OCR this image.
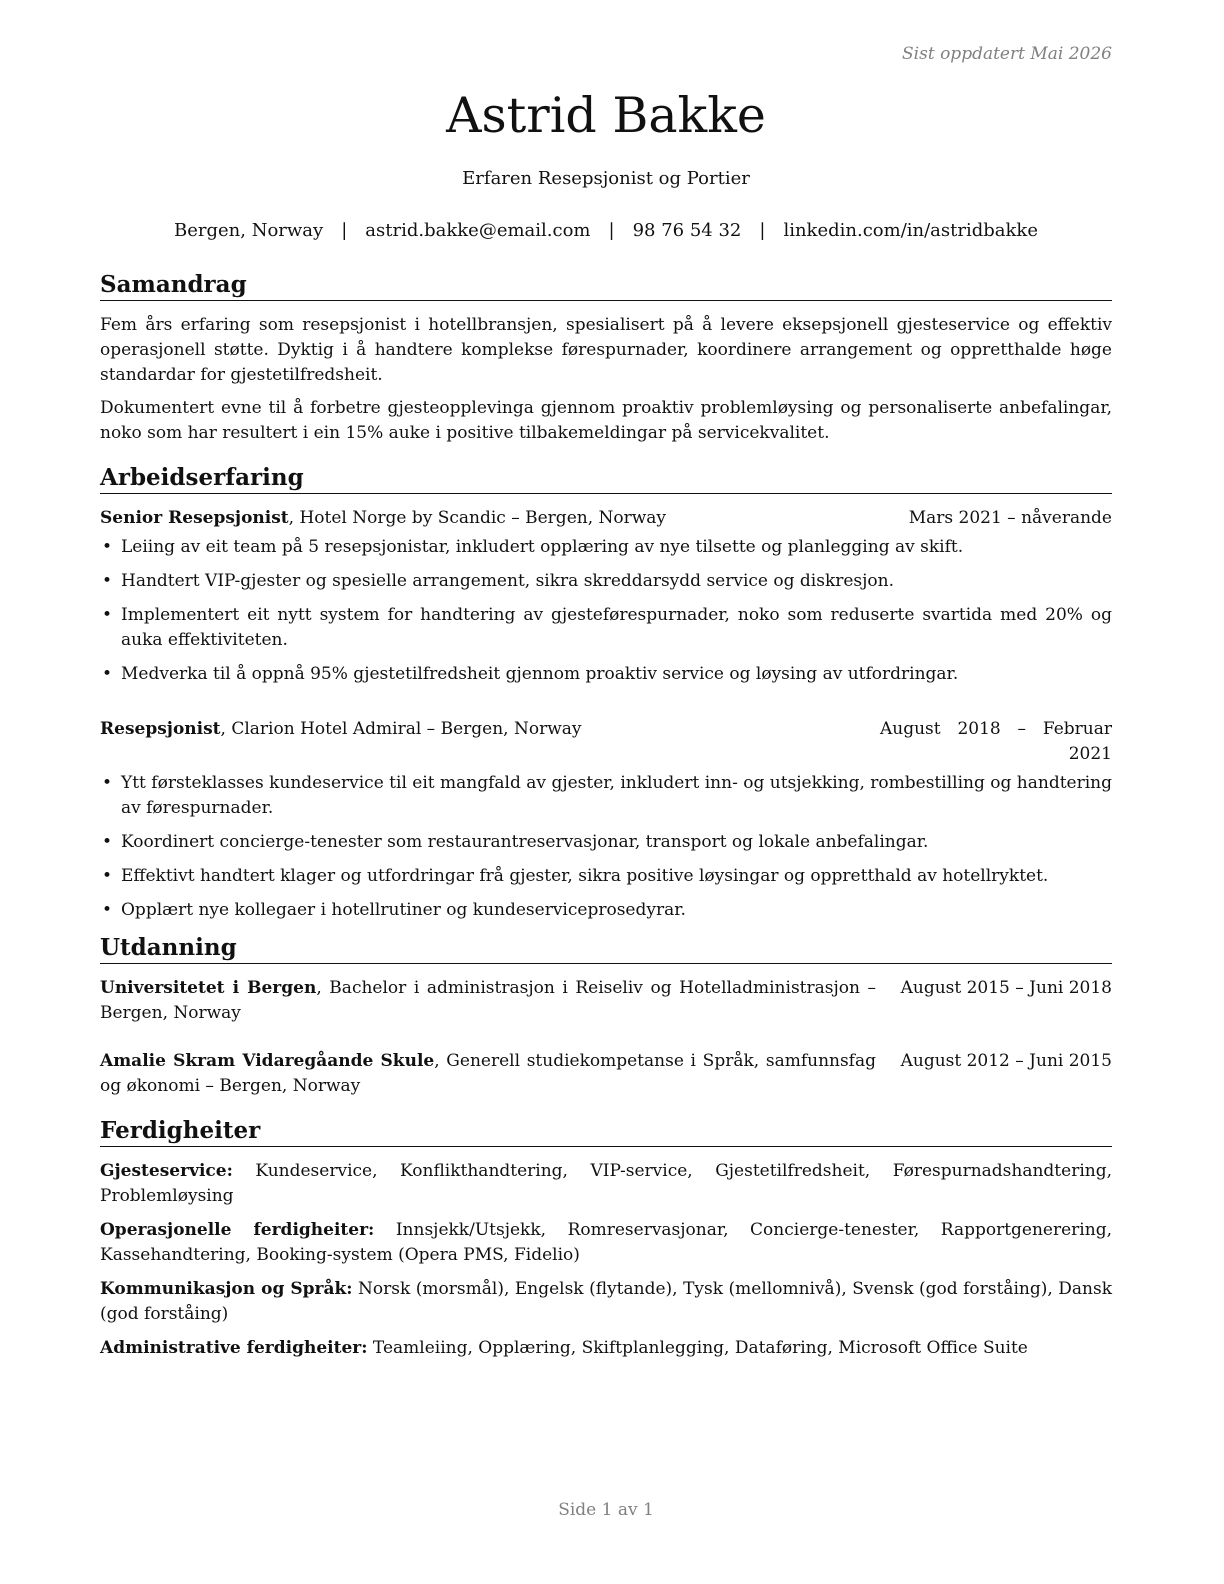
Sist oppdatert Mai 2026
Astrid Bakke
Erfaren Resepsjonist og Portier
Bergen, Norway | astrid.bakke@email.com | 98 76 54 32 | linkedin.com/in/astridbakke
Samandrag

Fem års erfaring som resepsjonist i hotellbransjen, spesialisert på å levere eksepsjonell gjesteservice og effektiv operasjonell støtte. Dyktig i å handtere komplekse førespurnader, koordinere arrangement og oppretthalde høge standardar for gjestetilfredsheit.

Dokumentert evne til å forbetre gjesteopplevinga gjennom proaktiv problemløysing og personaliserte anbefalingar, noko som har resultert i ein 15% auke i positive tilbakemeldingar på servicekvalitet.

Arbeidserfaring
Senior Resepsjonist, Hotel Norge by Scandic – Bergen, Norway	Mars 2021 – nåverande
• Leiing av eit team på 5 resepsjonistar, inkludert opplæring av nye tilsette og planlegging av skift.
• Handtert VIP-gjester og spesielle arrangement, sikra skreddarsydd service og diskresjon.
• Implementert eit nytt system for handtering av gjesteførespurnader, noko som reduserte svartida med 20% og auka effektiviteten.
• Medverka til å oppnå 95% gjestetilfredsheit gjennom proaktiv service og løysing av utfordringar.
Resepsjonist, Clarion Hotel Admiral – Bergen, Norway	August 2018 – Februar 2021
• Ytt førsteklasses kundeservice til eit mangfald av gjester, inkludert inn- og utsjekking, rombestilling og handtering av førespurnader.
• Koordinert concierge-tenester som restaurantreservasjonar, transport og lokale anbefalingar.
• Effektivt handtert klager og utfordringar frå gjester, sikra positive løysingar og oppretthald av hotellryktet.
• Opplært nye kollegaer i hotellrutiner og kundeserviceprosedyrar.
Utdanning
Universitetet i Bergen, Bachelor i administrasjon i Reiseliv og Hotelladministrasjon – Bergen, Norway
August 2015 – Juni 2018
Amalie Skram Vidaregåande Skule, Generell studiekompetanse i Språk, samfunnsfag og økonomi – Bergen, Norway
August 2012 – Juni 2015
Ferdigheiter
Gjesteservice: Kundeservice, Konflikthandtering, VIP-service, Gjestetilfredsheit, Førespurnadshandtering, Problemløysing
Operasjonelle ferdigheiter: Innsjekk/Utsjekk, Romreservasjonar, Concierge-tenester, Rapportgenerering, Kassehandtering, Booking-system (Opera PMS, Fidelio)
Kommunikasjon og Språk: Norsk (morsmål), Engelsk (flytande), Tysk (mellomnivå), Svensk (god forståing), Dansk (god forståing)
Administrative ferdigheiter: Teamleiing, Opplæring, Skiftplanlegging, Dataføring, Microsoft Office Suite
Side 1 av 1
